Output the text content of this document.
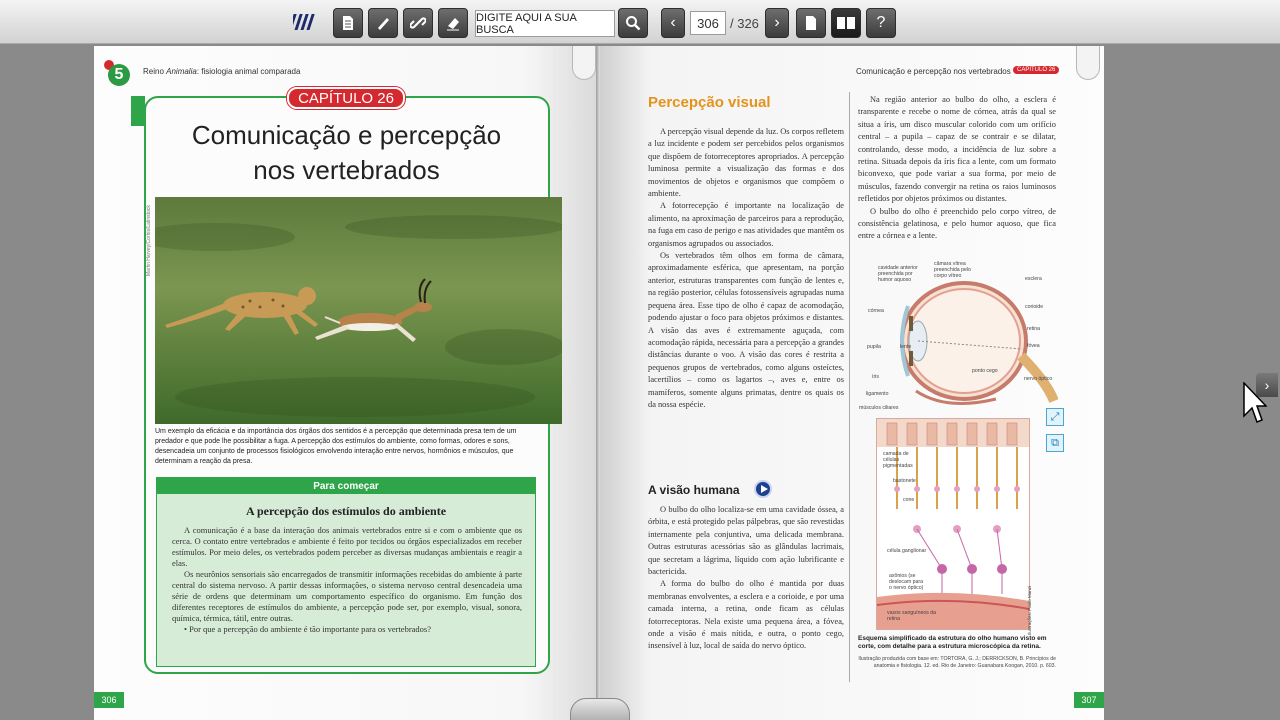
DIGITE AQUI A SUA BUSCA	‹	306 / 326 ›	?
5	Reino Animalia: fisiologia animal comparada
CAPÍTULO 26
Comunicação e percepção
nos vertebrados
Martin Harvey/Corbis/Latinstock
Um exemplo da eficácia e da importância dos órgãos dos sentidos é a percepção que determinada presa tem de um predador e que pode lhe possibilitar a fuga. A percepção dos estímulos do ambiente, como formas, odores e sons, desencadeia um conjunto de processos fisiológicos envolvendo interação entre nervos, hormônios e músculos, que determinam a reação da presa.
Para começar
A percepção dos estímulos do ambiente

A comunicação é a base da interação dos animais vertebrados entre si e com o ambiente que os cerca. O contato entre vertebrados e ambiente é feito por tecidos ou órgãos especializados em receber estímulos. Por meio deles, os vertebrados podem perceber as diversas mudanças ambientais e reagir a elas.

Os neurônios sensoriais são encarregados de transmitir informações recebidas do ambiente à parte central do sistema nervoso. A partir dessas informações, o sistema nervoso central desencadeia uma série de ordens que determinam um comportamento específico do organismo. Em função dos diferentes receptores de estímulos do ambiente, a percepção pode ser, por exemplo, visual, sonora, química, térmica, tátil, entre outras.

• Por que a percepção do ambiente é tão importante para os vertebrados?
306
Comunicação e percepção nos vertebrados	CAPÍTULO 26
Percepção visual

A percepção visual depende da luz. Os corpos refletem a luz incidente e podem ser percebidos pelos organismos que dispõem de fotorreceptores apropriados. A percepção luminosa permite a visualização das formas e dos movimentos de objetos e organismos que compõem o ambiente.

A fotorrecepção é importante na localização de alimento, na aproximação de parceiros para a reprodução, na fuga em caso de perigo e nas atividades que mantêm os organismos agrupados ou associados.

Os vertebrados têm olhos em forma de câmara, aproximadamente esférica, que apresentam, na porção anterior, estruturas transparentes com função de lentes e, na região posterior, células fotossensíveis agrupadas numa pequena área. Esse tipo de olho é capaz de acomodação, podendo ajustar o foco para objetos próximos e distantes. A visão das aves é extremamente aguçada, com acomodação rápida, necessária para a percepção a grandes distâncias durante o voo. A visão das cores é restrita a pequenos grupos de vertebrados, como alguns osteíctes, lacertílios – como os lagartos –, aves e, entre os mamíferos, somente alguns primatas, dentre os quais os da nossa espécie.

A visão humana

O bulbo do olho localiza-se em uma cavidade óssea, a órbita, e está protegido pelas pálpebras, que são revestidas internamente pela conjuntiva, uma delicada membrana. Outras estruturas acessórias são as glândulas lacrimais, que secretam a lágrima, líquido com ação lubrificante e bactericida.

A forma do bulbo do olho é mantida por duas membranas envolventes, a esclera e a corioide, e por uma camada interna, a retina, onde ficam as células fotorreceptoras. Nela existe uma pequena área, a fóvea, onde a visão é mais nítida, e outra, o ponto cego, insensível à luz, local de saída do nervo óptico.

Na região anterior ao bulbo do olho, a esclera é transparente e recebe o nome de córnea, atrás da qual se situa a íris, um disco muscular colorido com um orifício central – a pupila – capaz de se contrair e se dilatar, controlando, desse modo, a incidência de luz sobre a retina. Situada depois da íris fica a lente, com um formato biconvexo, que pode variar a sua forma, por meio de músculos, fazendo convergir na retina os raios luminosos refletidos por objetos próximos ou distantes.

O bulbo do olho é preenchido pelo corpo vítreo, de consistência gelatinosa, e pelo humor aquoso, que fica entre a córnea e a lente.

cavidade anterior preenchida por humor aquoso
câmara vítrea preenchida pelo corpo vítreo	esclera
corioide
retina
fóvea
córnea
pupila	lente
íris
ligamento
músculos ciliares
ponto cego
nervo óptico
⤢
⧉
camada de células pigmentadas
bastonete
cone
célula ganglionar
axônios (se deslocam para o nervo óptico)
vasos sanguíneos da retina	Ilustrações: Paulo Manzi
Esquema simplificado da estrutura do olho humano visto em corte, com detalhe para a estrutura microscópica da retina.
Ilustração produzida com base em: TORTORA, G. J.; DERRICKSON, B. Princípios de anatomia e fisiologia. 12. ed. Rio de Janeiro: Guanabara Koogan, 2010. p. 603.
307
›
